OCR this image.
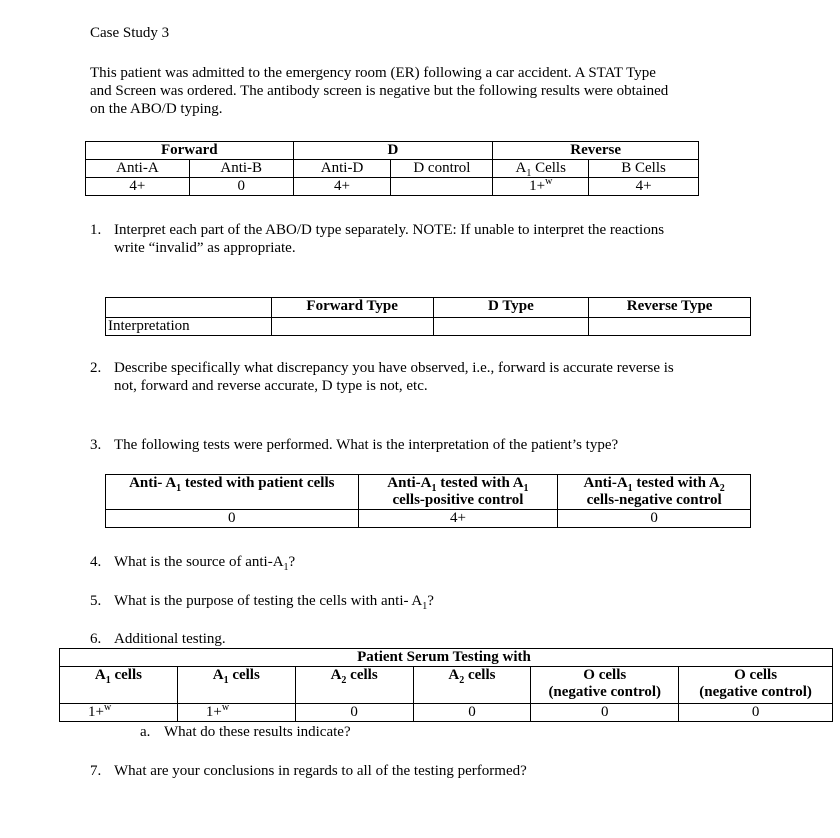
Case Study 3
This patient was admitted to the emergency room (ER) following a car accident. A STAT Type
and Screen was ordered. The antibody screen is negative but the following results were obtained
on the ABO/D typing.
Forward		D		Reverse	
Anti-A	Anti-B	Anti-D	D control	$A_1$ Cells	B Cells
4+	0	4+		1+$^w$	4+
1. Interpret each part of the ABO/D type separately. NOTE: If unable to interpret the reactions
write “invalid” as appropriate.
	Forward Type	D Type	Reverse Type
Interpretation			
2. Describe specifically what discrepancy you have observed, i.e., forward is accurate reverse is
not, forward and reverse accurate, D type is not, etc.
3. The following tests were performed. What is the interpretation of the patient’s type?
Anti- $A_1$ tested with patient cells	Anti-$A_1$ tested with $A_1$
cells-positive control	Anti-$A_1$ tested with $A_2$
cells-negative control
0	4+	0
4. What is the source of anti-$A_1$?
5. What is the purpose of testing the cells with anti- $A_1$?
6. Additional testing.
Patient Serum Testing with					
$A_1$ cells	$A_1$ cells	$A_2$ cells	$A_2$ cells	O cells
(negative control)	O cells
(negative control)
1+$^w$	1+$^w$	0	0	0	0
a. What do these results indicate?
7. What are your conclusions in regards to all of the testing performed?
